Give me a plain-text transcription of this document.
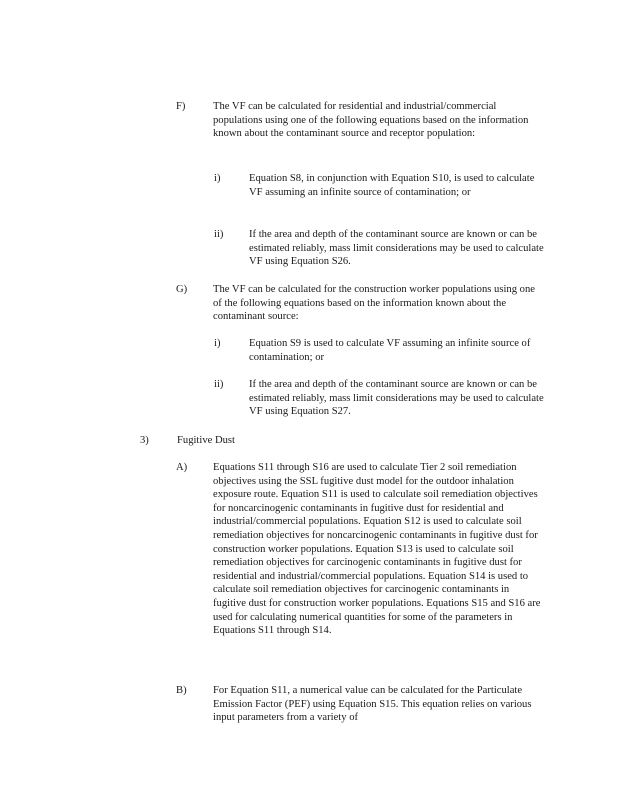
F)	The VF can be calculated for residential and industrial/commercial populations using one of the following equations based on the information known about the contaminant source and receptor population:

i)	Equation S8, in conjunction with Equation S10, is used to calculate VF assuming an infinite source of contamination; or

ii) If the area and depth of the contaminant source are known or can be estimated reliably, mass limit considerations may be used to calculate VF using Equation S26.

G) The VF can be calculated for the construction worker populations using one of the following equations based on the information known about the contaminant source:

i)	Equation S9 is used to calculate VF assuming an infinite source of contamination; or

ii) If the area and depth of the contaminant source are known or can be estimated reliably, mass limit considerations may be used to calculate VF using Equation S27.

3)	Fugitive Dust
A) Equations S11 through S16 are used to calculate Tier 2 soil remediation objectives using the SSL fugitive dust model for the outdoor inhalation exposure route. Equation S11 is used to calculate soil remediation objectives for noncarcinogenic contaminants in fugitive dust for residential and industrial/commercial populations. Equation S12 is used to calculate soil remediation objectives for noncarcinogenic contaminants in fugitive dust for construction worker populations. Equation S13 is used to calculate soil remediation objectives for carcinogenic contaminants in fugitive dust for residential and industrial/commercial populations. Equation S14 is used to calculate soil remediation objectives for carcinogenic contaminants in fugitive dust for construction worker populations. Equations S15 and S16 are used for calculating numerical quantities for some of the parameters in Equations S11 through S14.

B) For Equation S11, a numerical value can be calculated for the Particulate Emission Factor (PEF) using Equation S15. This equation relies on various input parameters from a variety of
